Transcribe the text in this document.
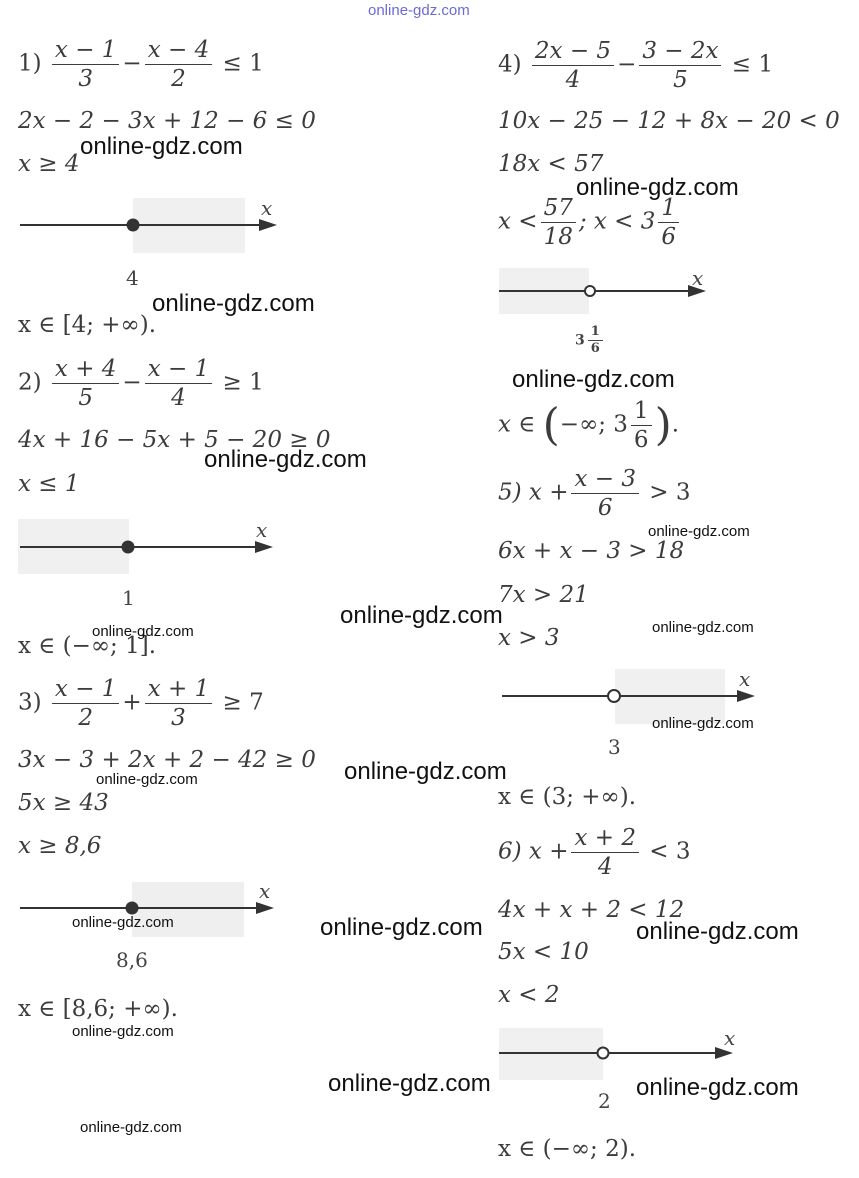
online-gdz.com
$1) \frac{x - 1}{3} - \frac{x - 4}{2} \le 1$
2x − 2 − 3x + 12 − 6 ≤ 0
x ≥ 4
x
4
x ∈ [4; +∞).
$2) \frac{x + 4}{5} - \frac{x - 1}{4} \ge 1$
4x + 16 − 5x + 5 − 20 ≥ 0
x ≤ 1
x
1
x ∈ (−∞; 1].
$3) \frac{x - 1}{2} + \frac{x + 1}{3} \ge 7$
3x − 3 + 2x + 2 − 42 ≥ 0
5x ≥ 43
x ≥ 8,6
x
8,6
x ∈ [8,6; +∞).
$4) \frac{2x - 5}{4} - \frac{3 - 2x}{5} \le 1$
10x − 25 − 12 + 8x − 20 < 0
18x < 57
$x < \frac{57}{18}$ ; $x < 3 \frac{1}{6}$
x
$3 \frac{1}{6}$
x ∈ (−∞; $3 \frac{1}{6}$ ).
5) $x + \frac{x - 3}{6} > 3$
6x + x − 3 > 18
7x > 21
x > 3
x
3
x ∈ (3; +∞).
6) $x + \frac{x + 2}{4} < 3$
4x + x + 2 < 12
5x < 10
x < 2
x
2
x ∈ (−∞; 2).
online-gdz.com
online-gdz.com
online-gdz.com
online-gdz.com
online-gdz.com
online-gdz.com
online-gdz.com
online-gdz.com	online-gdz.com
online-gdz.com
online-gdz.com
online-gdz.com
online-gdz.com	online-gdz.com	online-gdz.com
online-gdz.com
online-gdz.com	online-gdz.com
online-gdz.com
